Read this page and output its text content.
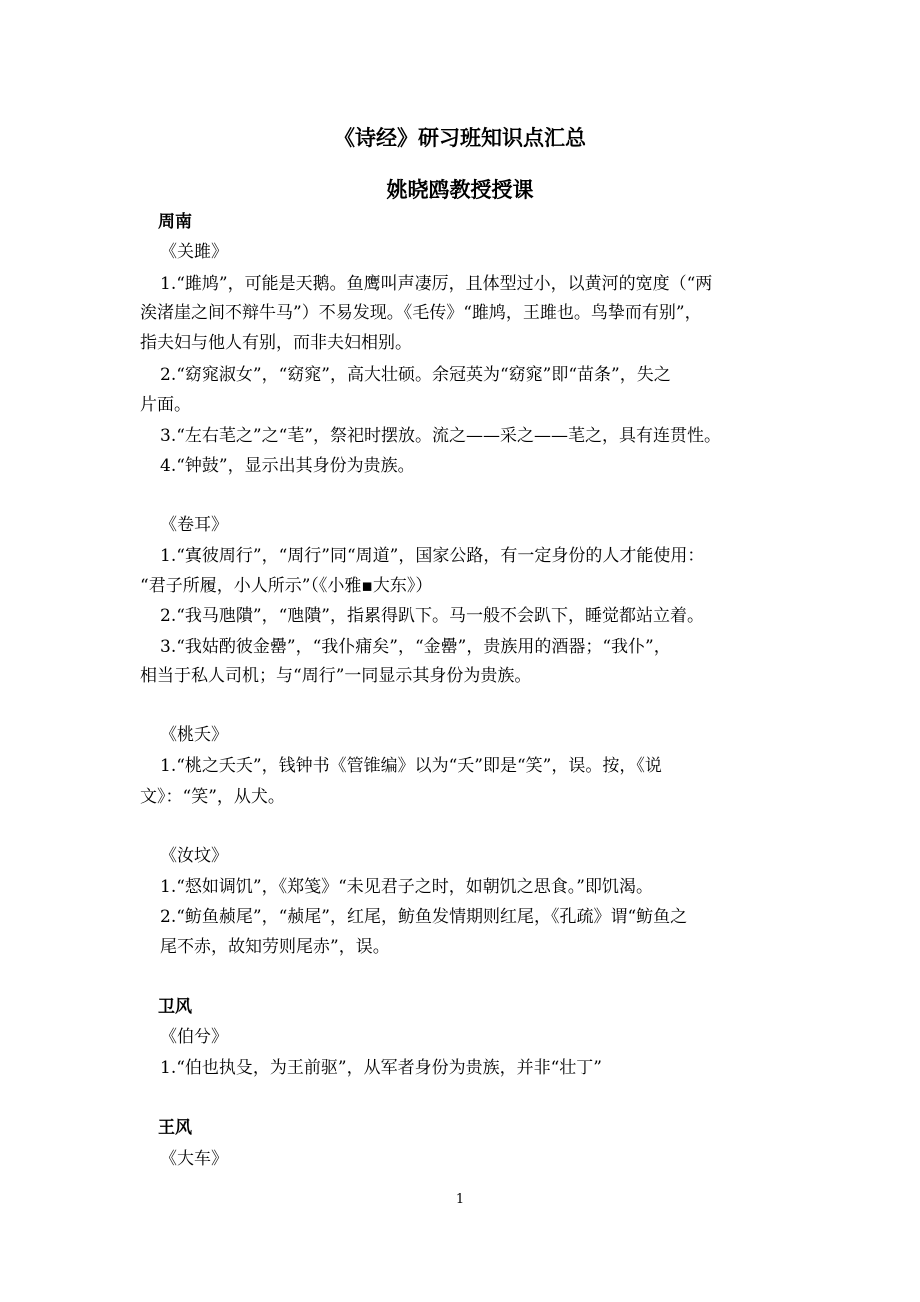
《诗经》研习班知识点汇总
姚晓鸥教授授课
周南
《关雎》
1.“雎鸠”，可能是天鹅。鱼鹰叫声凄厉，且体型过小，以黄河的宽度（“两
涘渚崖之间不辩牛马”）不易发现。《毛传》“雎鸠，王雎也。鸟挚而有别”，
指夫妇与他人有别，而非夫妇相别。
2.“窈窕淑女”，“窈窕”，高大壮硕。余冠英为“窈窕”即“苗条”，失之
片面。
3.“左右芼之”之“芼”，祭祀时摆放。流之——采之——芼之，具有连贯性。
4.“钟鼓”，显示出其身份为贵族。
《卷耳》
1.“寘彼周行”，“周行”同“周道”，国家公路，有一定身份的人才能使用：
“君子所履，小人所示”（《小雅▪大东》）
2.“我马虺隤”，“虺隤”，指累得趴下。马一般不会趴下，睡觉都站立着。
3.“我姑酌彼金罍”，“我仆痡矣”，“金罍”，贵族用的酒器；“我仆”，
相当于私人司机；与“周行”一同显示其身份为贵族。
《桃夭》
1.“桃之夭夭”，钱钟书《管锥编》以为“夭”即是“笑”，误。按，《说
文》：“笑”，从犬。
《汝坟》
1.“惄如调饥”，《郑笺》“未见君子之时，如朝饥之思食。”即饥渴。
2.“鲂鱼赪尾”，“赪尾”，红尾，鲂鱼发情期则红尾，《孔疏》谓“鲂鱼之
尾不赤，故知劳则尾赤”，误。
卫风
《伯兮》
1.“伯也执殳，为王前驱”，从军者身份为贵族，并非“壮丁”
王风
《大车》
1
